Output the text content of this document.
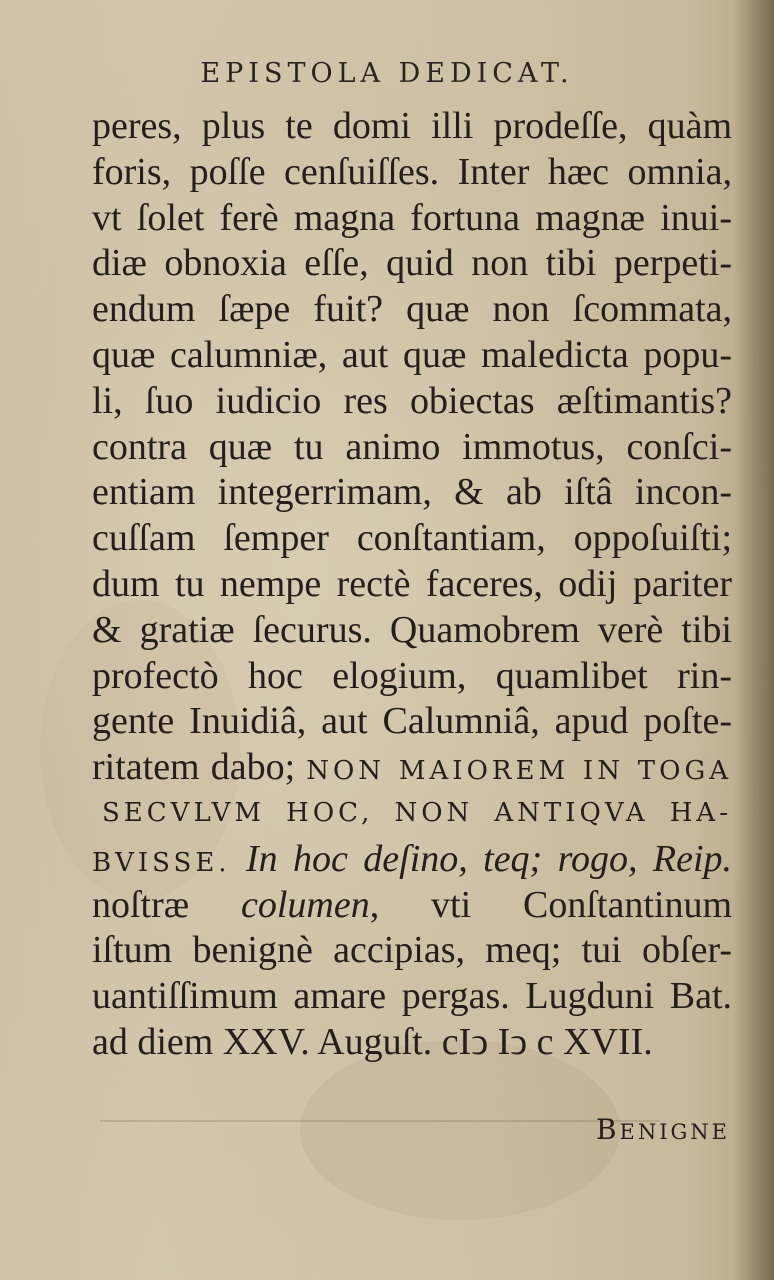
EPISTOLA DEDICAT.
peres, plus te domi illi prodeſſe, quàm
foris, poſſe cenſuiſſes. Inter hæc omnia,
vt ſolet ferè magna fortuna magnæ inui-
diæ obnoxia eſſe, quid non tibi perpeti-
endum ſæpe fuit? quæ non ſcommata,
quæ calumniæ, aut quæ maledicta popu-
li, ſuo iudicio res obiectas æſtimantis?
contra quæ tu animo immotus, conſci-
entiam integerrimam, & ab iſtâ incon-
cuſſam ſemper conſtantiam, oppoſuiſti;
dum tu nempe rectè faceres, odij pariter
& gratiæ ſecurus. Quamobrem verè tibi
profectò hoc elogium, quamlibet rin-
gente Inuidiâ, aut Calumniâ, apud poſte-
ritatem dabo; NON MAIOREM IN TOGA
SECVLVM HOC, NON ANTIQVA HA-
BVISSE. In hoc deſino, teq; rogo, Reip.
noſtræ columen, vti Conſtantinum
iſtum benignè accipias, meq; tui obſer-
uantiſſimum amare pergas. Lugduni Bat.
ad diem XXV. Auguſt. cIↄ Iↄ c XVII.
BENIGNE
